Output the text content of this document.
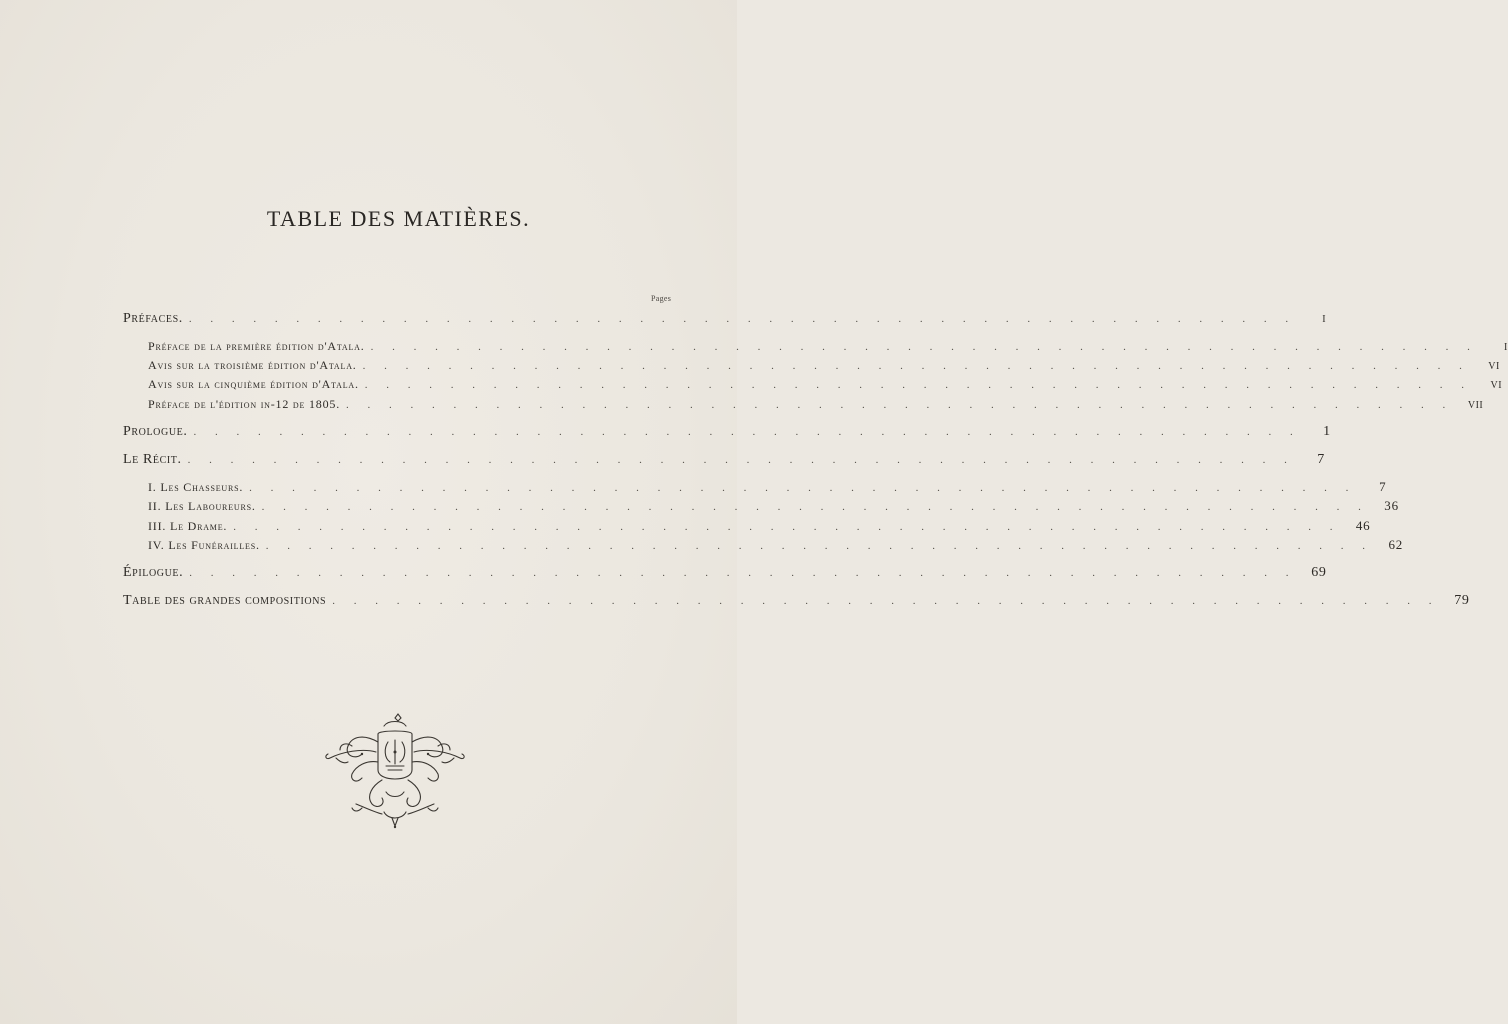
TABLE DES MATIÈRES.
Pages
Préfaces. . . . . . . . . . . . . . . . . . . . . . . . . . . . . . . . . . . . . . . . . . . . . . . . . . . . .	I
Préface de la première édition d'Atala. . . . . . . . . . . . . . . . . . . . . . . . . . . . . . . . . . . . . . . . . . . . . . . . . . . . .	I
Avis sur la troisième édition d'Atala. . . . . . . . . . . . . . . . . . . . . . . . . . . . . . . . . . . . . . . . . . . . . . . . . . . . .	VI
Avis sur la cinquième édition d'Atala. . . . . . . . . . . . . . . . . . . . . . . . . . . . . . . . . . . . . . . . . . . . . . . . . . . . .	VI
Préface de l'édition in-12 de 1805. . . . . . . . . . . . . . . . . . . . . . . . . . . . . . . . . . . . . . . . . . . . . . . . . . . . .	VII
Prologue. . . . . . . . . . . . . . . . . . . . . . . . . . . . . . . . . . . . . . . . . . . . . . . . . . . . .	1
Le Récit. . . . . . . . . . . . . . . . . . . . . . . . . . . . . . . . . . . . . . . . . . . . . . . . . . . . .	7
I. Les Chasseurs. . . . . . . . . . . . . . . . . . . . . . . . . . . . . . . . . . . . . . . . . . . . . . . . . . . . .	7
II. Les Laboureurs. . . . . . . . . . . . . . . . . . . . . . . . . . . . . . . . . . . . . . . . . . . . . . . . . . . . .	36
III. Le Drame. . . . . . . . . . . . . . . . . . . . . . . . . . . . . . . . . . . . . . . . . . . . . . . . . . . . .	46
IV. Les Funérailles. . . . . . . . . . . . . . . . . . . . . . . . . . . . . . . . . . . . . . . . . . . . . . . . . . . . .	62
Épilogue. . . . . . . . . . . . . . . . . . . . . . . . . . . . . . . . . . . . . . . . . . . . . . . . . . . . .	69
Table des grandes compositions . . . . . . . . . . . . . . . . . . . . . . . . . . . . . . . . . . . . . . . . . . . . . . . . . . . .	79
